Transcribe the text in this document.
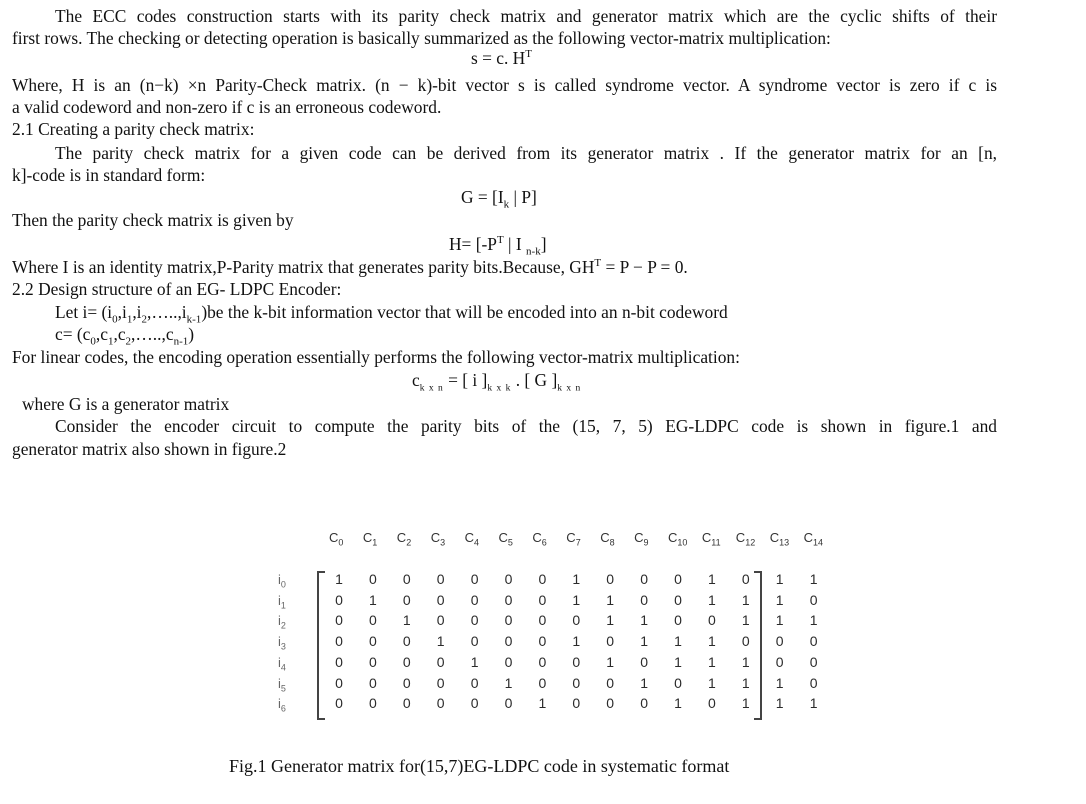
The ECC codes construction starts with its parity check matrix and generator matrix which are the cyclic shifts of their
first rows. The checking or detecting operation is basically summarized as the following vector-matrix multiplication:
s = c. $H^T$
Where, H is an (n−k) ×n Parity-Check matrix. (n − k)-bit vector s is called syndrome vector. A syndrome vector is zero if c is
a valid codeword and non-zero if c is an erroneous codeword.
2.1 Creating a parity check matrix:
The parity check matrix for a given code can be derived from its generator matrix . If the generator matrix for an [n,
k]-code is in standard form:
$G = [I_k$ | P]
Then the parity check matrix is given by
$H= [-P^T$ | I $_{n-k}$]
Where I is an identity matrix,P-Parity matrix that generates parity bits.Because, $GH^T = P - P = 0$.
2.2 Design structure of an EG- LDPC Encoder:
Let $i= (i_0,i_1,i_2,\dots..,i_{k-1})be$ the k-bit information vector that will be encoded into an n-bit codeword
$c= (c_0,c_1,c_2,\dots..,c_{n-1})$
For linear codes, the encoding operation essentially performs the following vector-matrix multiplication:
$c_{k x n}$ = [ i ]$_{k x k}$ . [ G ]$_{k x n}$
where G is a generator matrix
Consider the encoder circuit to compute the parity bits of the (15, 7, 5) EG-LDPC code is shown in figure.1 and
generator matrix also shown in figure.2
$C_0$ $C_1$ $C_2$ $C_3$ $C_4$ $C_5$ $C_6$ $C_7$ $C_8$ $C_9$ $C_{10}$ $C_{11}$ $C_{12}$ $C_{13}$ $C_{14}$
$i_0$
$i_1$
$i_2$
$i_3$
$i_4$
$i_5$
$i_6$
1 0 0 0 0 0 0 1 0 0 0 1 0 1 1
0 1 0 0 0 0 0 1 1 0 0 1 1 1 0
0 0 1 0 0 0 0 0 1 1 0 0 1 1 1
0 0 0 1 0 0 0 1 0 1 1 1 0 0 0
0 0 0 0 1 0 0 0 1 0 1 1 1 0 0
0 0 0 0 0 1 0 0 0 1 0 1 1 1 0
0 0 0 0 0 0 1 0 0 0 1 0 1 1 1
Fig.1 Generator matrix for(15,7)EG-LDPC code in systematic format
